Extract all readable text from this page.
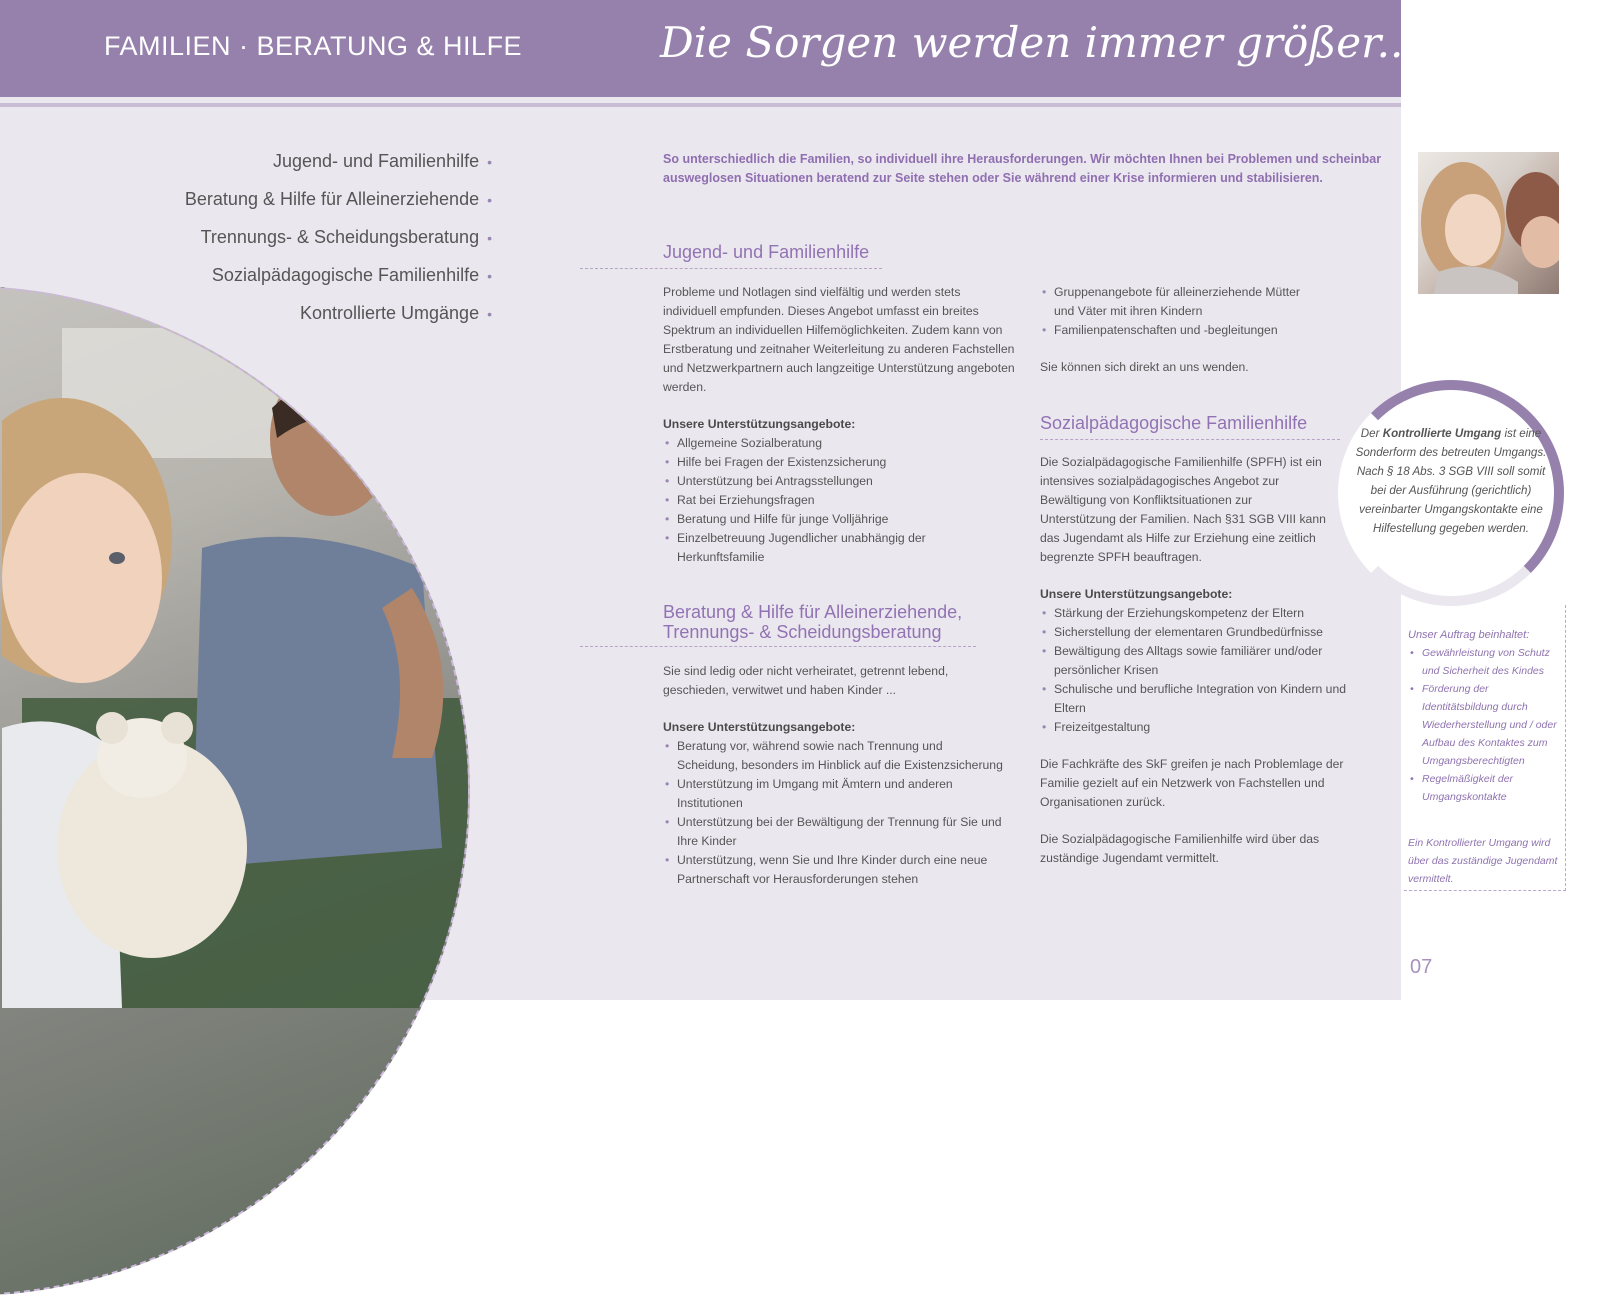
FAMILIEN · BERATUNG & HILFE	Die Sorgen werden immer größer...

Jugend- und Familienhilfe •
Beratung & Hilfe für Alleinerziehende •
Trennungs- & Scheidungsberatung •
Sozialpädagogische Familienhilfe •
Kontrollierte Umgänge •

So unterschiedlich die Familien, so individuell ihre Herausforderungen. Wir möchten Ihnen bei Problemen und scheinbar ausweglosen Situationen beratend zur Seite stehen oder Sie während einer Krise informieren und stabilisieren.

Jugend- und Familienhilfe

Probleme und Notlagen sind vielfältig und werden stets individuell empfunden. Dieses Angebot umfasst ein breites Spektrum an individuellen Hilfemöglichkeiten. Zudem kann von Erstberatung und zeitnaher Weiterleitung zu anderen Fachstellen und Netzwerkpartnern auch langzeitige Unterstützung angeboten werden.

Unsere Unterstützungsangebote:

• Allgemeine Sozialberatung
• Hilfe bei Fragen der Existenzsicherung
• Unterstützung bei Antragsstellungen
• Rat bei Erziehungsfragen
• Beratung und Hilfe für junge Volljährige
• Einzelbetreuung Jugendlicher unabhängig der Herkunftsfamilie
• Gruppenangebote für alleinerziehende Mütter und Väter mit ihren Kindern
• Familienpatenschaften und -begleitungen

Sie können sich direkt an uns wenden.

Beratung & Hilfe für Alleinerziehende,
Trennungs- & Scheidungsberatung

Sie sind ledig oder nicht verheiratet, getrennt lebend, geschieden, verwitwet und haben Kinder ...

Unsere Unterstützungsangebote:

• Beratung vor, während sowie nach Trennung und Scheidung, besonders im Hinblick auf die Existenzsicherung
• Unterstützung im Umgang mit Ämtern und anderen Institutionen
• Unterstützung bei der Bewältigung der Trennung für Sie und Ihre Kinder
• Unterstützung, wenn Sie und Ihre Kinder durch eine neue Partnerschaft vor Herausforderungen stehen
Sozialpädagogische Familienhilfe

Die Sozialpädagogische Familienhilfe (SPFH) ist ein intensives sozialpädagogisches Angebot zur Bewältigung von Konfliktsituationen zur Unterstützung der Familien. Nach §31 SGB VIII kann das Jugendamt als Hilfe zur Erziehung eine zeitlich begrenzte SPFH beauftragen.

Unsere Unterstützungsangebote:

• Stärkung der Erziehungskompetenz der Eltern
• Sicherstellung der elementaren Grundbedürfnisse
• Bewältigung des Alltags sowie familiärer und/oder persönlicher Krisen
• Schulische und berufliche Integration von Kindern und Eltern
• Freizeitgestaltung

Die Fachkräfte des SkF greifen je nach Problemlage der Familie gezielt auf ein Netzwerk von Fachstellen und Organisationen zurück.

Die Sozialpädagogische Familienhilfe wird über das zuständige Jugendamt vermittelt.

Der Kontrollierte Umgang ist eine Sonderform des betreuten Umgangs. Nach § 18 Abs. 3 SGB VIII soll somit bei der Ausführung (gerichtlich) vereinbarter Umgangskontakte eine Hilfestellung gegeben werden.

Unser Auftrag beinhaltet:

• Gewährleistung von Schutz und Sicherheit des Kindes
• Förderung der Identitätsbildung durch Wiederherstellung und / oder Aufbau des Kontaktes zum Umgangsberechtigten
• Regelmäßigkeit der Umgangskontakte

Ein Kontrollierter Umgang wird über das zuständige Jugendamt vermittelt.

07
